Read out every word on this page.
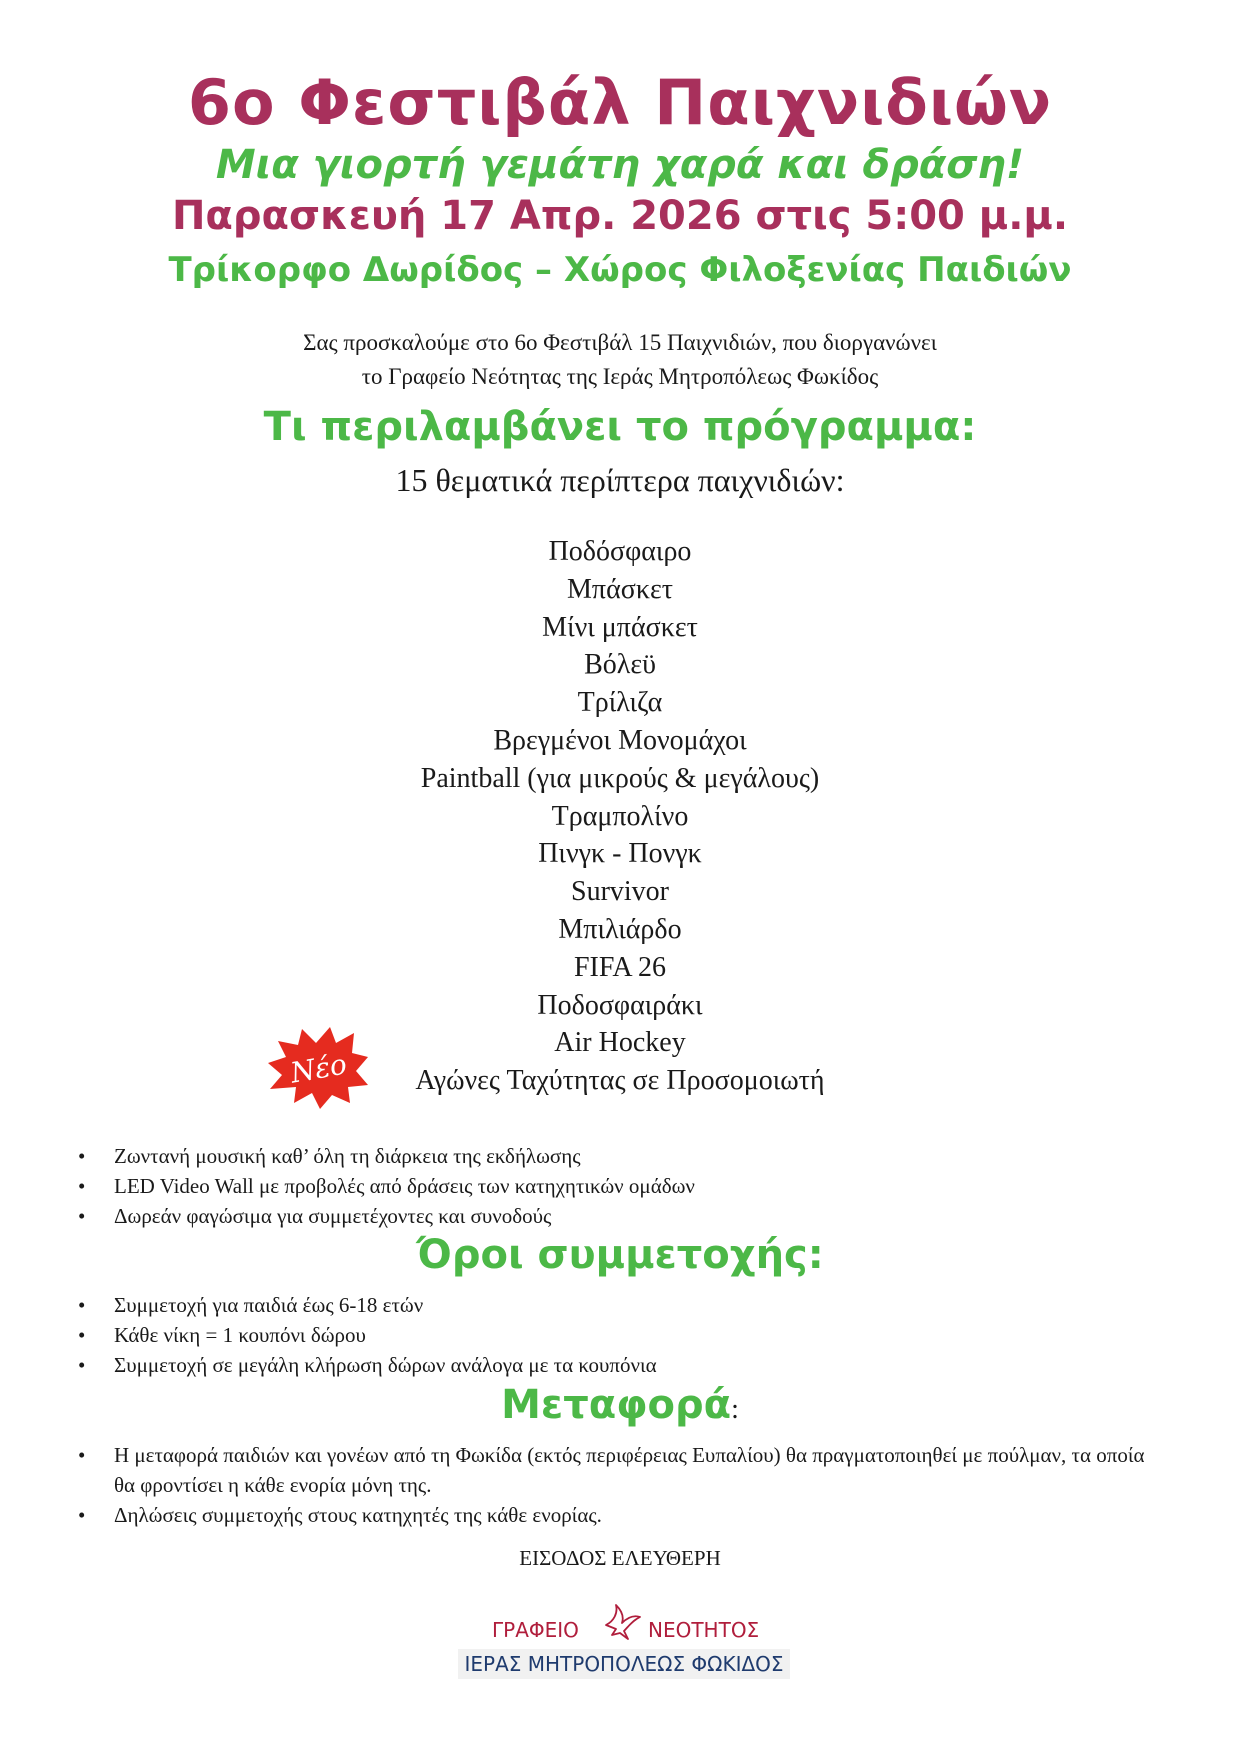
6ο Φεστιβάλ Παιχνιδιών
Μια γιορτή γεμάτη χαρά και δράση!
Παρασκευή 17 Απρ. 2026 στις 5:00 μ.μ.
Τρίκορφο Δωρίδος – Χώρος Φιλοξενίας Παιδιών

Σας προσκαλούμε στο 6ο Φεστιβάλ 15 Παιχνιδιών, που διοργανώνει
το Γραφείο Νεότητας της Ιεράς Μητροπόλεως Φωκίδος

Τι περιλαμβάνει το πρόγραμμα:

15 θεματικά περίπτερα παιχνιδιών:

Ποδόσφαιρο
Μπάσκετ
Μίνι μπάσκετ
Βόλεϋ
Τρίλιζα
Βρεγμένοι Μονομάχοι
Paintball (για μικρούς & μεγάλους)
Τραμπολίνο
Πινγκ - Πονγκ
Survivor
Μπιλιάρδο
FIFA 26
Ποδοσφαιράκι
Air Hockey
Αγώνες Ταχύτητας σε Προσομοιωτή
Νέο
• Ζωντανή μουσική καθ’ όλη τη διάρκεια της εκδήλωσης
• LED Video Wall με προβολές από δράσεις των κατηχητικών ομάδων
• Δωρεάν φαγώσιμα για συμμετέχοντες και συνοδούς
Όροι συμμετοχής:
• Συμμετοχή για παιδιά έως 6-18 ετών
• Κάθε νίκη = 1 κουπόνι δώρου
• Συμμετοχή σε μεγάλη κλήρωση δώρων ανάλογα με τα κουπόνια
Μεταφορά:
• Η μεταφορά παιδιών και γονέων από τη Φωκίδα (εκτός περιφέρειας Ευπαλίου) θα πραγματοποιηθεί με πούλμαν, τα οποία θα φροντίσει η κάθε ενορία μόνη της.
• Δηλώσεις συμμετοχής στους κατηχητές της κάθε ενορίας.

ΕΙΣΟΔΟΣ ΕΛΕΥΘΕΡΗ

ΓΡΑΦΕΙΟ	ΝΕΟΤΗΤΟΣ
ΙΕΡΑΣ ΜΗΤΡΟΠΟΛΕΩΣ ΦΩΚΙΔΟΣ
